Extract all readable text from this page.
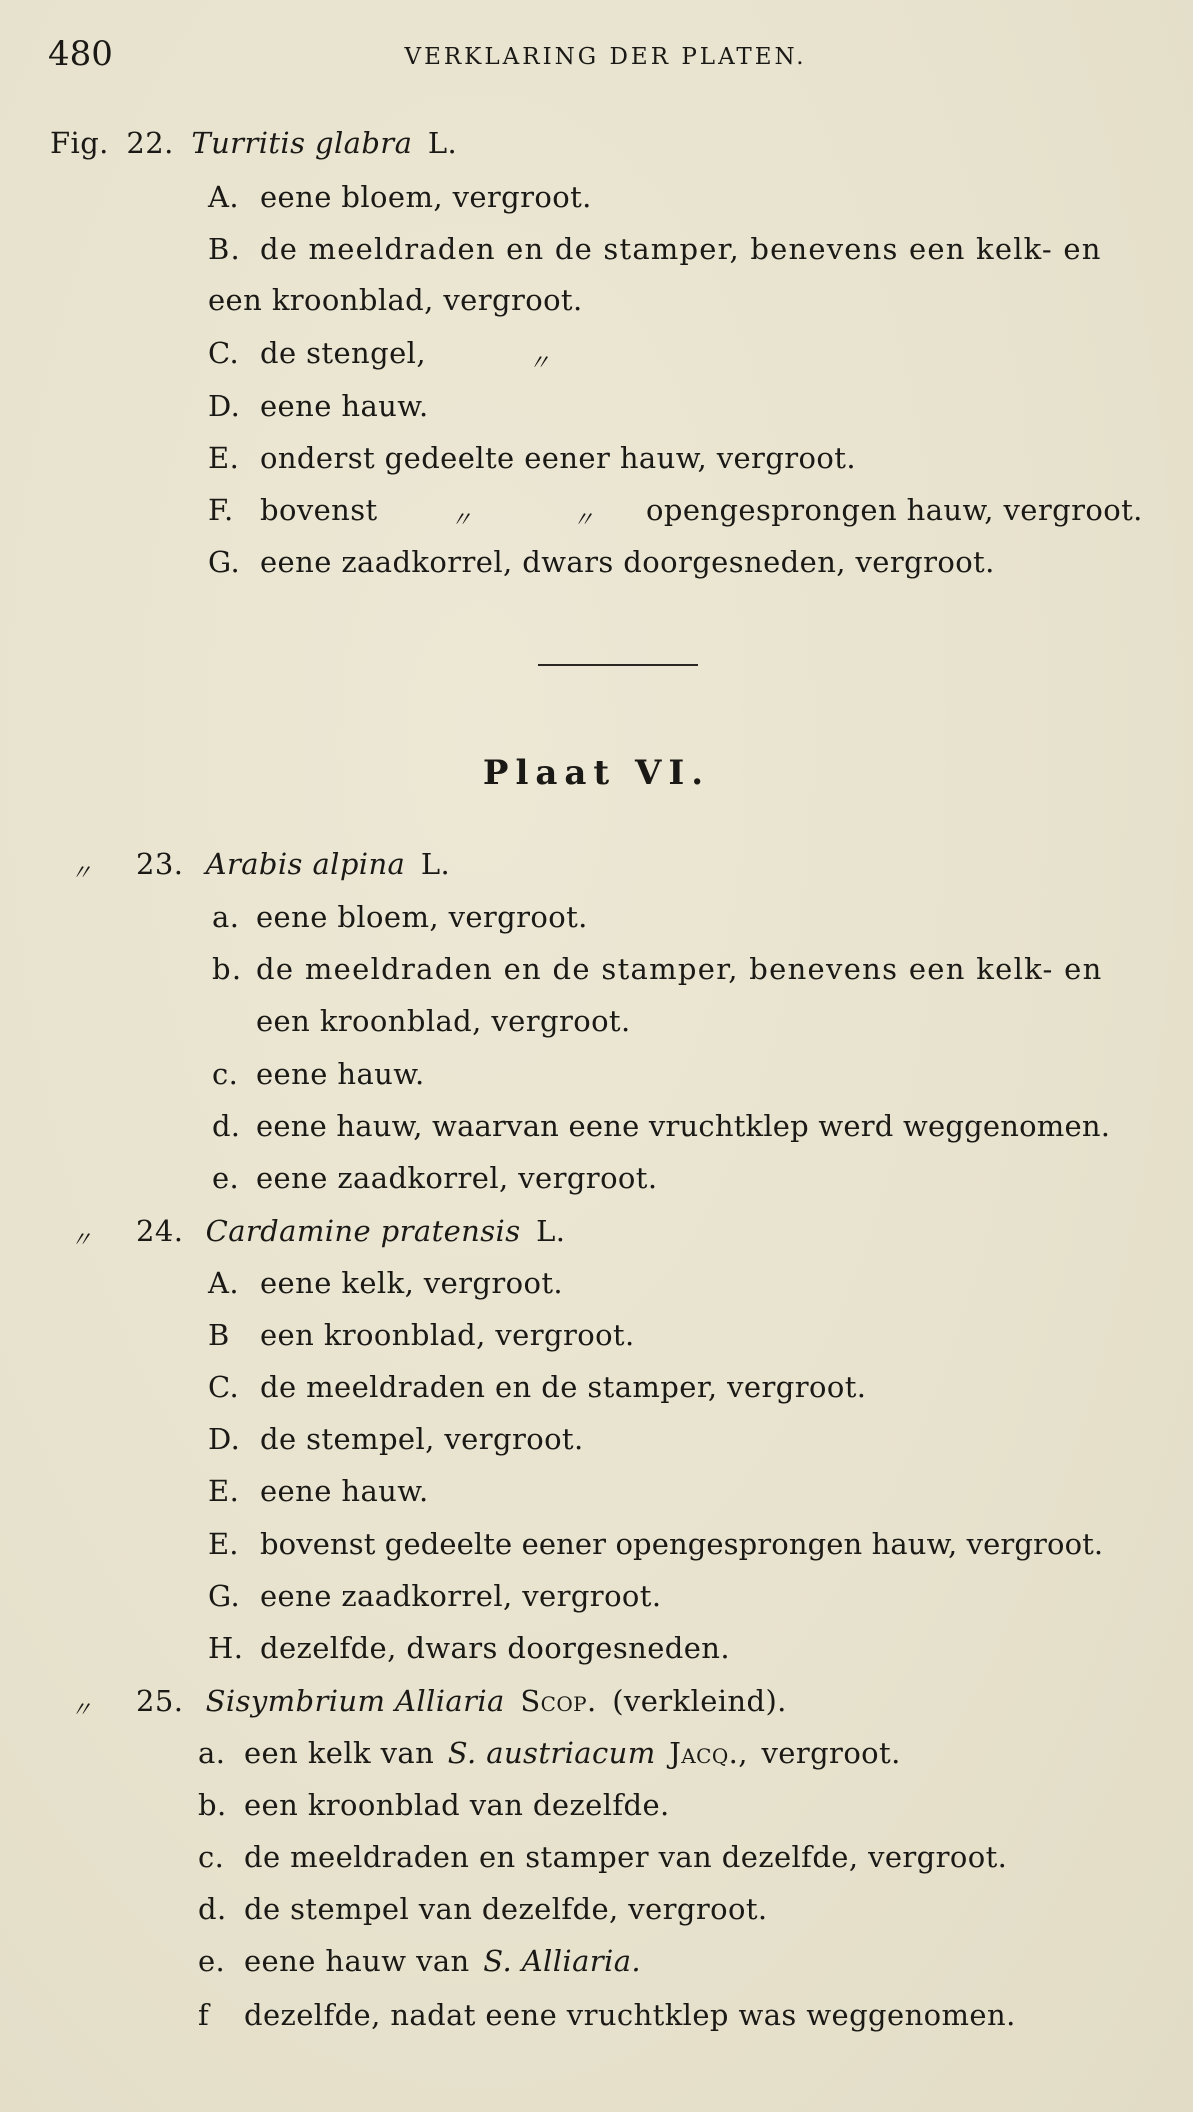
480	VERKLARING DER PLATEN.
Fig. 22. Turritis glabra L.
A. eene bloem, vergroot.
B. de meeldraden en de stamper, benevens een kelk- en
een kroonblad, vergroot.
C. de stengel,	〃
D. eene hauw.
E. onderst gedeelte eener hauw, vergroot.
F. bovenst	〃	〃 opengesprongen hauw, vergroot.
G. eene zaadkorrel, dwars doorgesneden, vergroot.
Plaat VI.
〃 23. Arabis alpina L.
a. eene bloem, vergroot.
b. de meeldraden en de stamper, benevens een kelk- en
een kroonblad, vergroot.
c. eene hauw.
d. eene hauw, waarvan eene vruchtklep werd weggenomen.
e. eene zaadkorrel, vergroot.
〃 24. Cardamine pratensis L.
A. eene kelk, vergroot.
B een kroonblad, vergroot.
C. de meeldraden en de stamper, vergroot.
D. de stempel, vergroot.
E. eene hauw.
E. bovenst gedeelte eener opengesprongen hauw, vergroot.
G. eene zaadkorrel, vergroot.
H. dezelfde, dwars doorgesneden.
〃 25. Sisymbrium Alliaria Scop. (verkleind).
a. een kelk van S. austriacum Jacq., vergroot.
b. een kroonblad van dezelfde.
c. de meeldraden en stamper van dezelfde, vergroot.
d. de stempel van dezelfde, vergroot.
e. eene hauw van S. Alliaria.
f dezelfde, nadat eene vruchtklep was weggenomen.
